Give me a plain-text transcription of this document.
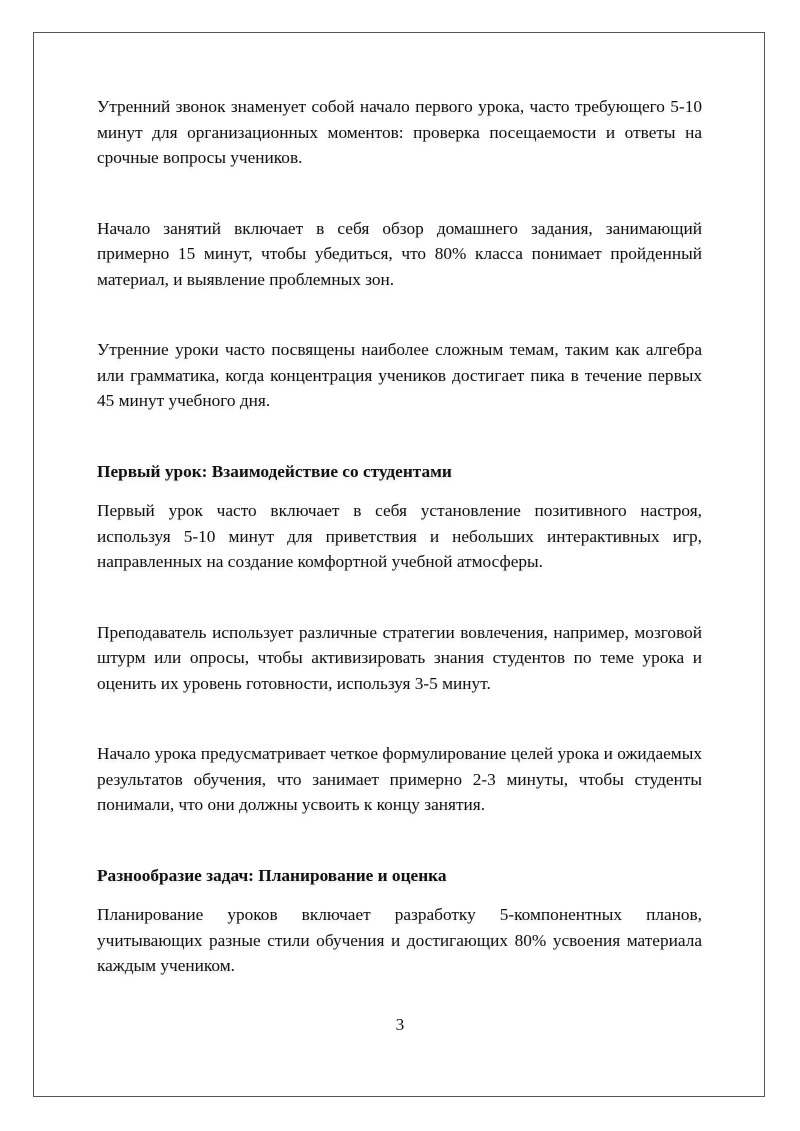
Утренний звонок знаменует собой начало первого урока, часто требующего 5-10 минут для организационных моментов: проверка посещаемости и ответы на срочные вопросы учеников.

Начало занятий включает в себя обзор домашнего задания, занимающий примерно 15 минут, чтобы убедиться, что 80% класса понимает пройденный материал, и выявление проблемных зон.

Утренние уроки часто посвящены наиболее сложным темам, таким как алгебра или грамматика, когда концентрация учеников достигает пика в течение первых 45 минут учебного дня.

Первый урок: Взаимодействие со студентами

Первый урок часто включает в себя установление позитивного настроя, используя 5-10 минут для приветствия и небольших интерактивных игр, направленных на создание комфортной учебной атмосферы.

Преподаватель использует различные стратегии вовлечения, например, мозговой штурм или опросы, чтобы активизировать знания студентов по теме урока и оценить их уровень готовности, используя 3-5 минут.

Начало урока предусматривает четкое формулирование целей урока и ожидаемых результатов обучения, что занимает примерно 2-3 минуты, чтобы студенты понимали, что они должны усвоить к концу занятия.

Разнообразие задач: Планирование и оценка

Планирование уроков включает разработку 5-компонентных планов, учитывающих разные стили обучения и достигающих 80% усвоения материала каждым учеником.

3
